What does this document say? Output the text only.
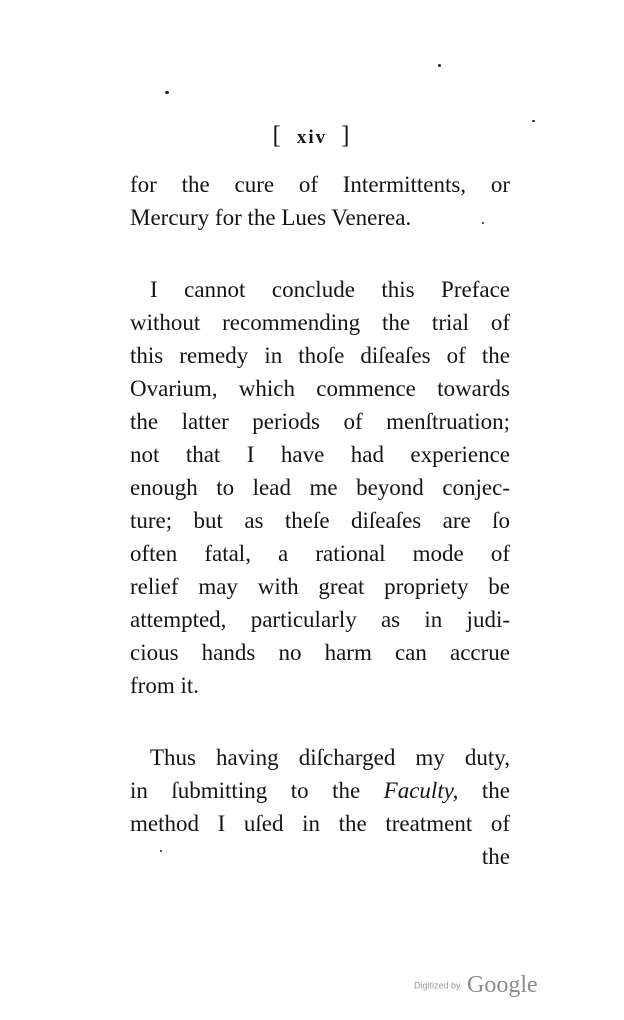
[ xiv ]
for the cure of Intermittents, or
Mercury for the Lues Venerea.
I cannot conclude this Preface
without recommending the trial of
this remedy in thoſe diſeaſes of the
Ovarium, which commence towards
the latter periods of menſtruation;
not that I have had experience
enough to lead me beyond conjec-
ture; but as theſe diſeaſes are ſo
often fatal, a rational mode of
relief may with great propriety be
attempted, particularly as in judi-
cious hands no harm can accrue
from it.
Thus having diſcharged my duty,
in ſubmitting to the Faculty, the
method I uſed in the treatment of
the
Digitized by Google
